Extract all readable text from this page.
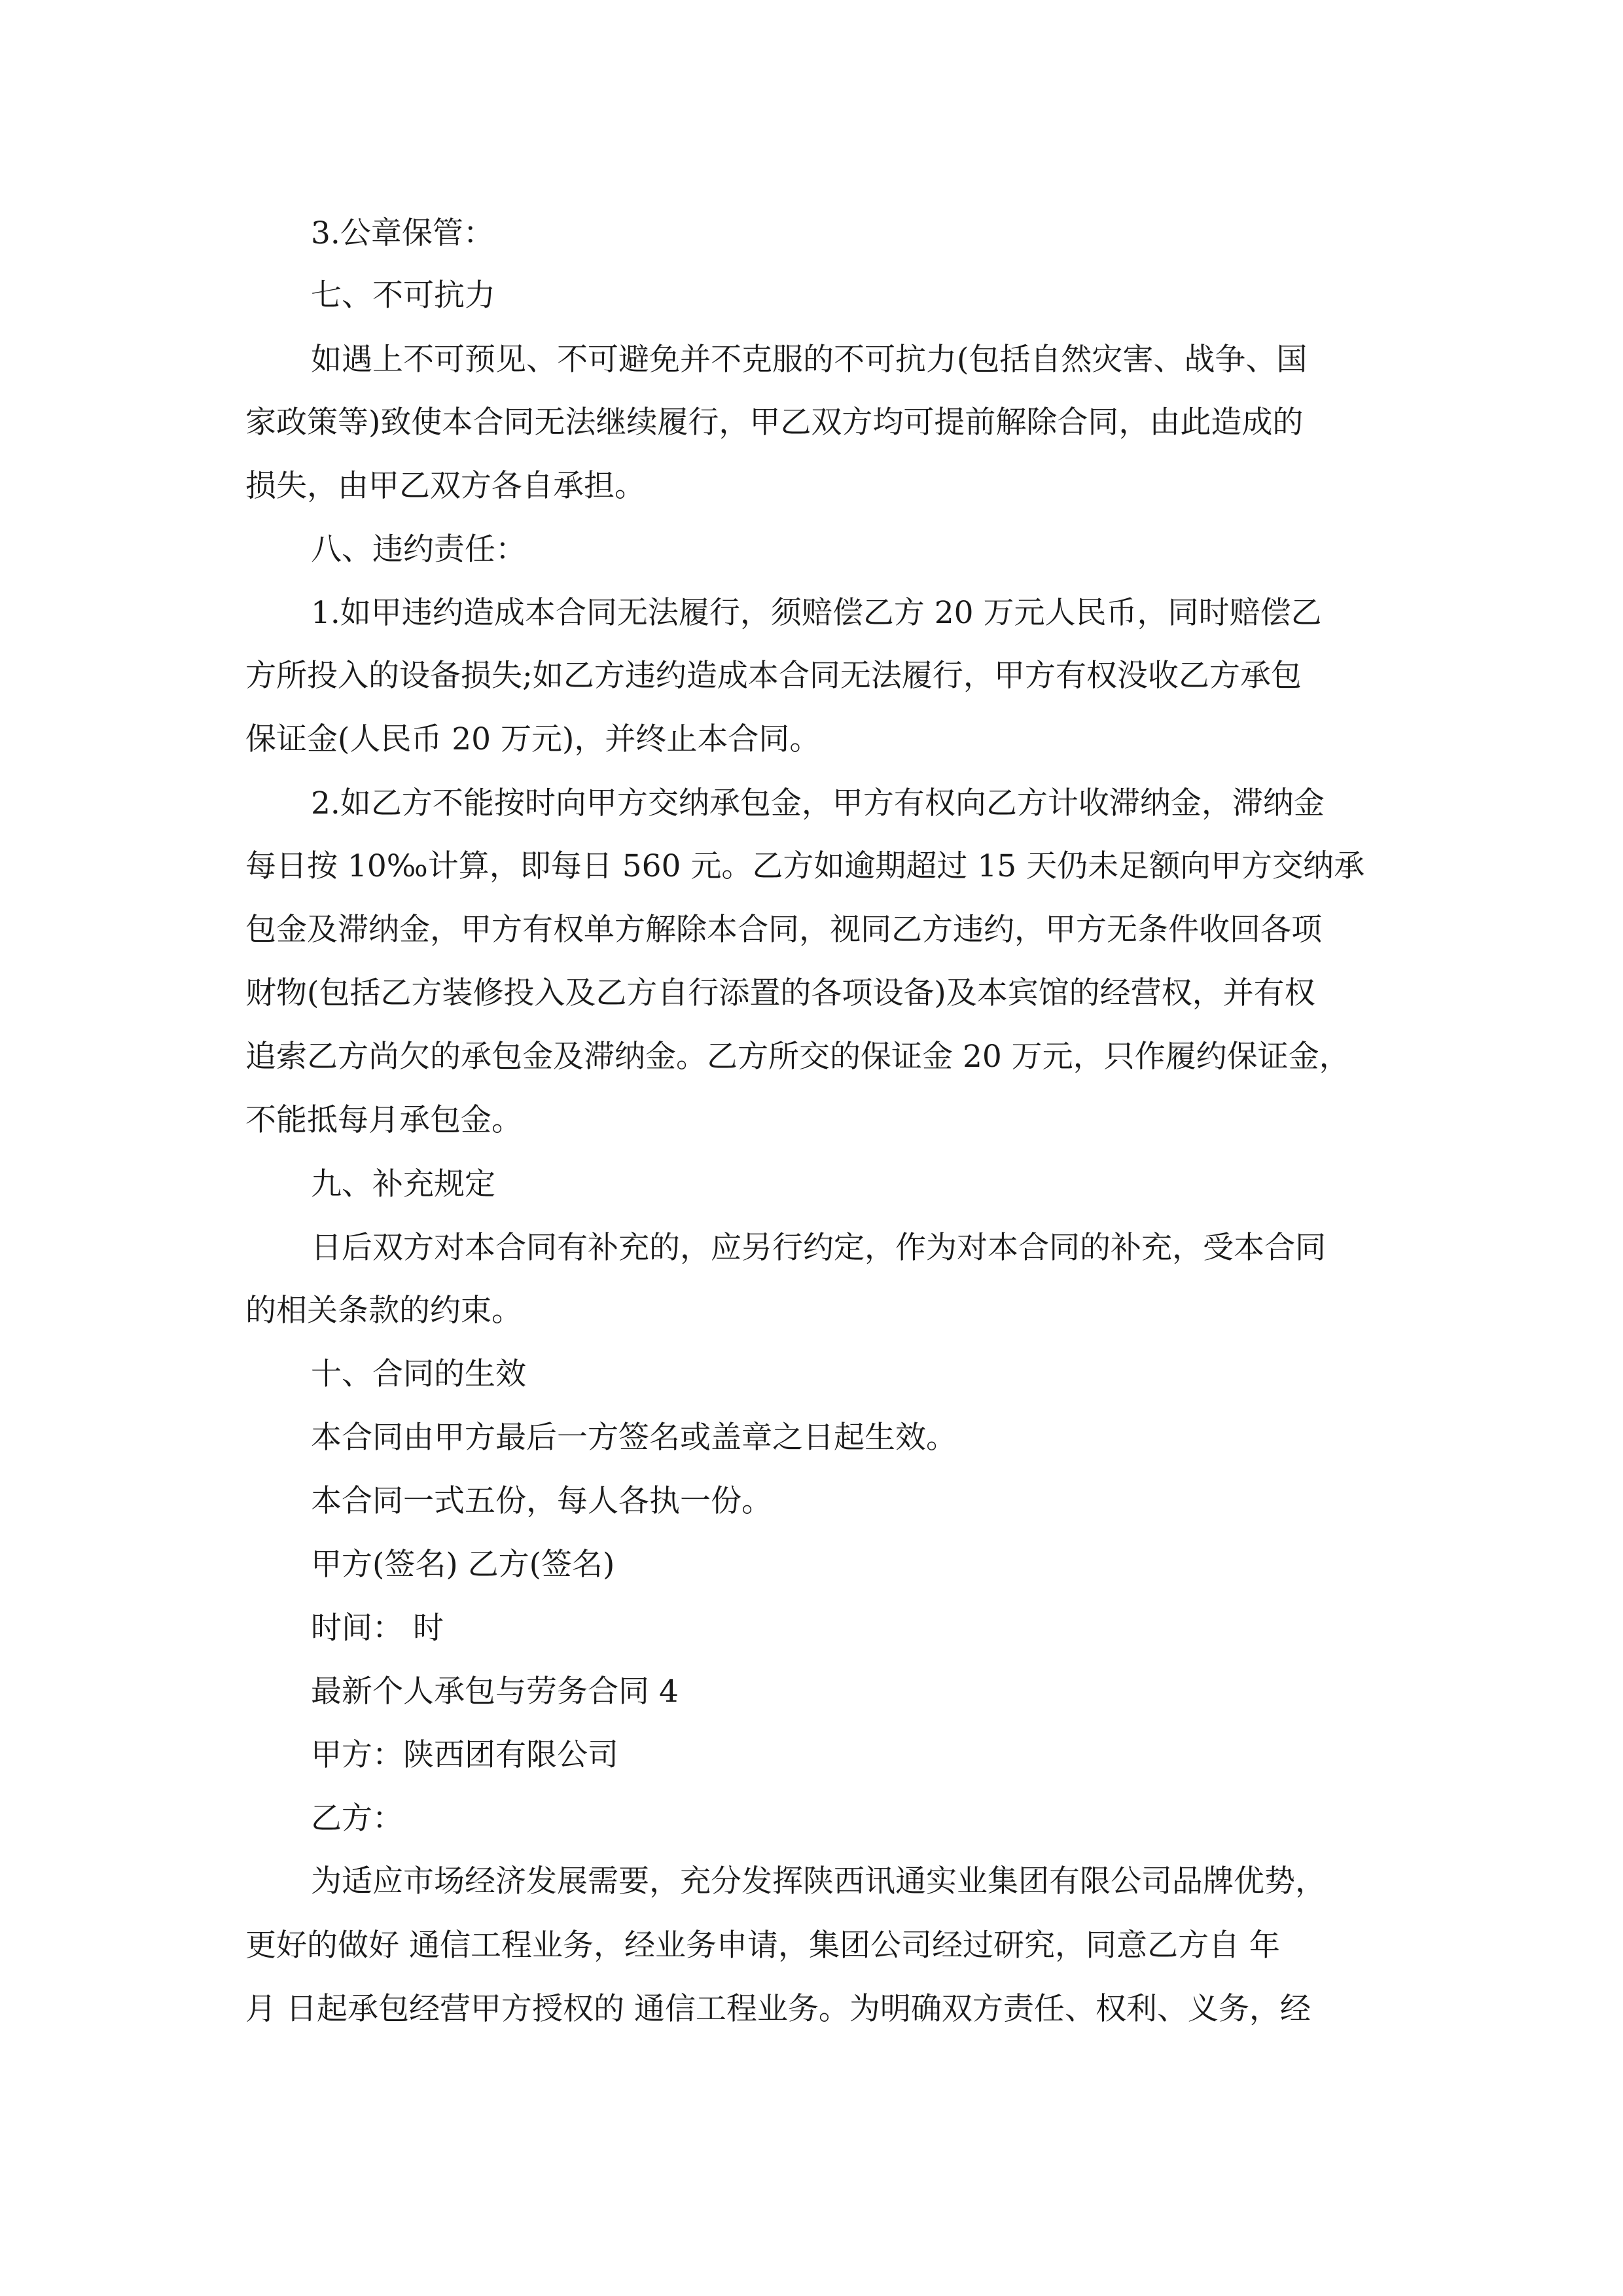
3.公章保管：
七、不可抗力
如遇上不可预见、不可避免并不克服的不可抗力(包括自然灾害、战争、国
家政策等)致使本合同无法继续履行，甲乙双方均可提前解除合同，由此造成的
损失，由甲乙双方各自承担。
八、违约责任：
1.如甲违约造成本合同无法履行，须赔偿乙方 20 万元人民币，同时赔偿乙
方所投入的设备损失;如乙方违约造成本合同无法履行，甲方有权没收乙方承包
保证金(人民币 20 万元)，并终止本合同。
2.如乙方不能按时向甲方交纳承包金，甲方有权向乙方计收滞纳金，滞纳金
每日按 10‰计算，即每日 560 元。乙方如逾期超过 15 天仍未足额向甲方交纳承
包金及滞纳金，甲方有权单方解除本合同，视同乙方违约，甲方无条件收回各项
财物(包括乙方装修投入及乙方自行添置的各项设备)及本宾馆的经营权，并有权
追索乙方尚欠的承包金及滞纳金。乙方所交的保证金 20 万元，只作履约保证金，
不能抵每月承包金。
九、补充规定
日后双方对本合同有补充的，应另行约定，作为对本合同的补充，受本合同
的相关条款的约束。
十、合同的生效
本合同由甲方最后一方签名或盖章之日起生效。
本合同一式五份，每人各执一份。
甲方(签名) 乙方(签名)
时间： 时
最新个人承包与劳务合同 4
甲方：陕西团有限公司
乙方：
为适应市场经济发展需要，充分发挥陕西讯通实业集团有限公司品牌优势，
更好的做好 通信工程业务，经业务申请，集团公司经过研究，同意乙方自 年
月 日起承包经营甲方授权的 通信工程业务。为明确双方责任、权利、义务，经
